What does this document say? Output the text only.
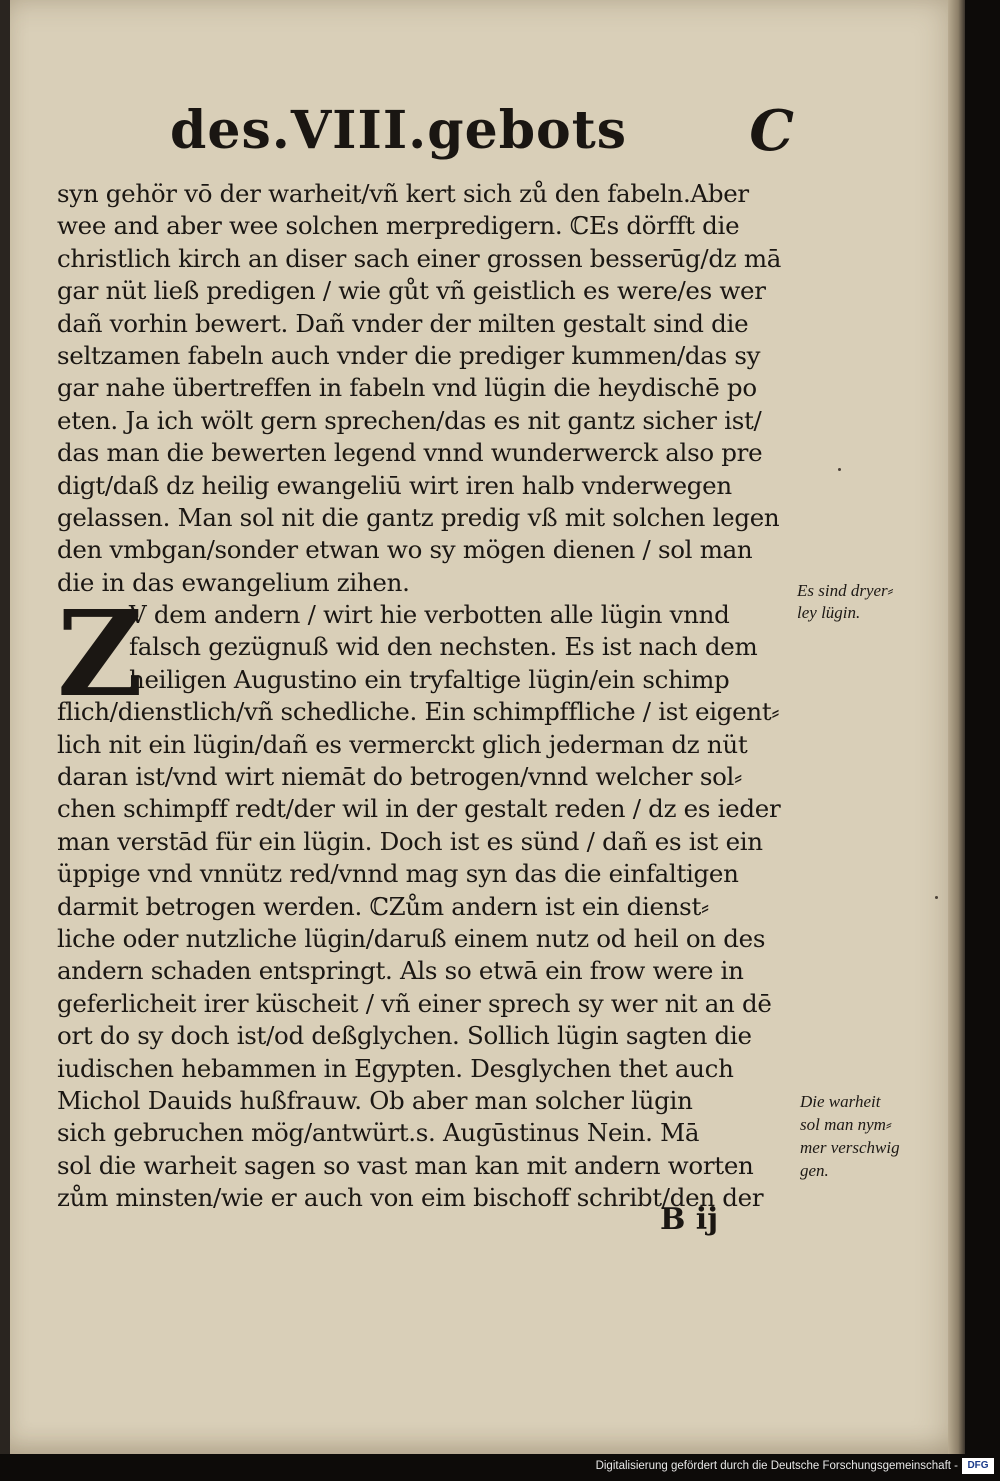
des.VIII.gebots C
syn gehör vō der warheit/vñ kert sich zů den fabeln.Aber
wee and aber wee solchen merpredigern. ℂEs dörfft die
christlich kirch an diser sach einer grossen besserūg/dz mā
gar nüt ließ predigen / wie gůt vñ geistlich es were/es wer
dañ vorhin bewert. Dañ vnder der milten gestalt sind die
seltzamen fabeln auch vnder die prediger kummen/das sy
gar nahe übertreffen in fabeln vnd lügin die heydischē po
eten. Ja ich wölt gern sprechen/das es nit gantz sicher ist/
das man die bewerten legend vnnd wunderwerck also pre
digt/daß dz heilig ewangeliū wirt iren halb vnderwegen
gelassen. Man sol nit die gantz predig vß mit solchen legen
den vmbgan/sonder etwan wo sy mögen dienen / sol man
die in das ewangelium zihen.
V dem andern / wirt hie verbotten alle lügin vnnd
falsch gezügnuß wid den nechsten. Es ist nach dem
heiligen Augustino ein tryfaltige lügin/ein schimp
flich/dienstlich/vñ schedliche. Ein schimpffliche / ist eigent⸗
lich nit ein lügin/dañ es vermerckt glich jederman dz nüt
daran ist/vnd wirt niemāt do betrogen/vnnd welcher sol⸗
chen schimpff redt/der wil in der gestalt reden / dz es ieder
man verstād für ein lügin. Doch ist es sünd / dañ es ist ein
üppige vnd vnnütz red/vnnd mag syn das die einfaltigen
darmit betrogen werden. ℂZům andern ist ein dienst⸗
liche oder nutzliche lügin/daruß einem nutz od heil on des
andern schaden entspringt. Als so etwā ein frow were in
geferlicheit irer küscheit / vñ einer sprech sy wer nit an dē
ort do sy doch ist/od deßglychen. Sollich lügin sagten die
iudischen hebammen in Egypten. Desglychen thet auch
Michol Dauids hußfrauw. Ob aber man solcher lügin
sich gebruchen mög/antwürt.s. Augūstinus Nein. Mā
sol die warheit sagen so vast man kan mit andern worten
zům minsten/wie er auch von eim bischoff schribt/den der
Z	Es sind dryer⸗
ley lügin.
Die warheit
sol man nym⸗
mer verschwig
gen.
B ij
Digitalisierung gefördert durch die Deutsche Forschungsgemeinschaft - DFG
